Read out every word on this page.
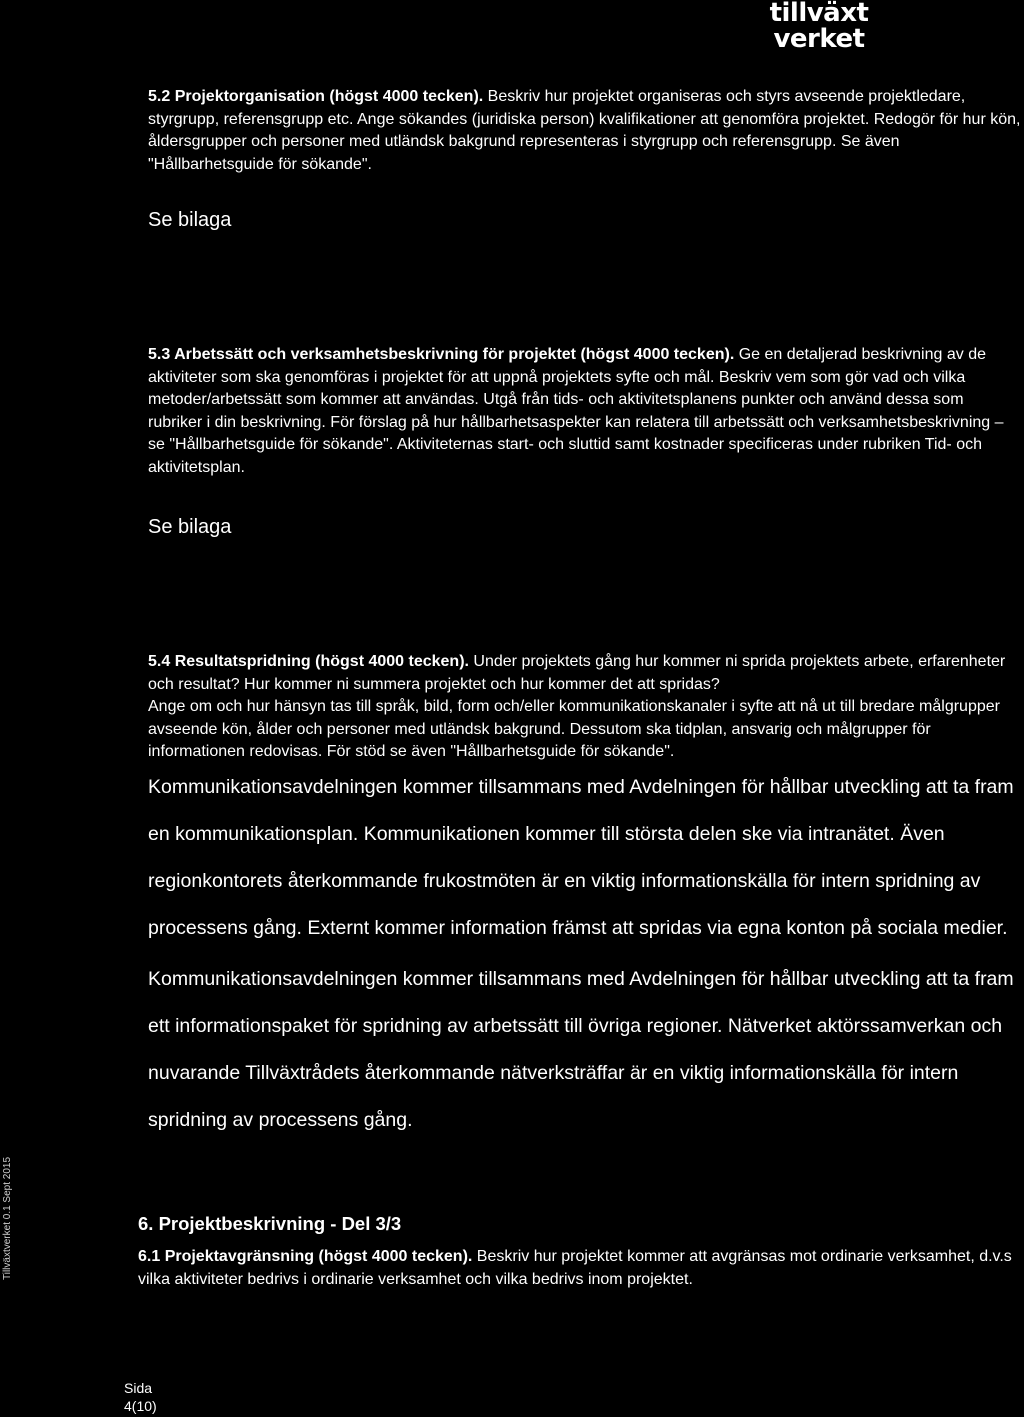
tillväxt
verket

5.2 Projektorganisation (högst 4000 tecken). Beskriv hur projektet organiseras och styrs avseende projektledare, styrgrupp, referensgrupp etc. Ange sökandes (juridiska person) kvalifikationer att genomföra projektet. Redogör för hur kön, åldersgrupper och personer med utländsk bakgrund representeras i styrgrupp och referensgrupp. Se även "Hållbarhetsguide för sökande".

Se bilaga

5.3 Arbetssätt och verksamhetsbeskrivning för projektet (högst 4000 tecken). Ge en detaljerad beskrivning av de aktiviteter som ska genomföras i projektet för att uppnå projektets syfte och mål. Beskriv vem som gör vad och vilka metoder/arbetssätt som kommer att användas. Utgå från tids- och aktivitetsplanens punkter och använd dessa som rubriker i din beskrivning. För förslag på hur hållbarhetsaspekter kan relatera till arbetssätt och verksamhetsbeskrivning – se "Hållbarhetsguide för sökande". Aktiviteternas start- och sluttid samt kostnader specificeras under rubriken Tid- och aktivitetsplan.

Se bilaga

5.4 Resultatspridning (högst 4000 tecken). Under projektets gång hur kommer ni sprida projektets arbete, erfarenheter och resultat? Hur kommer ni summera projektet och hur kommer det att spridas?

Ange om och hur hänsyn tas till språk, bild, form och/eller kommunikationskanaler i syfte att nå ut till bredare målgrupper avseende kön, ålder och personer med utländsk bakgrund. Dessutom ska tidplan, ansvarig och målgrupper för informationen redovisas. För stöd se även "Hållbarhetsguide för sökande".

Kommunikationsavdelningen kommer tillsammans med Avdelningen för hållbar utveckling att ta fram en kommunikationsplan. Kommunikationen kommer till största delen ske via intranätet. Även regionkontorets återkommande frukostmöten är en viktig informationskälla för intern spridning av processens gång. Externt kommer information främst att spridas via egna konton på sociala medier.

Kommunikationsavdelningen kommer tillsammans med Avdelningen för hållbar utveckling att ta fram ett informationspaket för spridning av arbetssätt till övriga regioner. Nätverket aktörssamverkan och nuvarande Tillväxtrådets återkommande nätverksträffar är en viktig informationskälla för intern spridning av processens gång.

6. Projektbeskrivning - Del 3/3

6.1 Projektavgränsning (högst 4000 tecken). Beskriv hur projektet kommer att avgränsas mot ordinarie verksamhet, d.v.s vilka aktiviteter bedrivs i ordinarie verksamhet och vilka bedrivs inom projektet.

Tillväxtverket 0.1 Sept 2015
Sida
4(10)
